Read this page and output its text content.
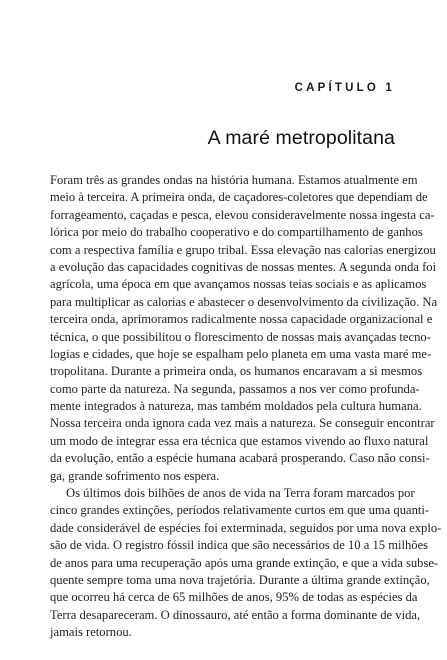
CAPÍTULO 1
A maré metropolitana
Foram três as grandes ondas na história humana. Estamos atualmente em
meio à terceira. A primeira onda, de caçadores-coletores que dependiam de
forrageamento, caçadas e pesca, elevou consideravelmente nossa ingesta ca-
lórica por meio do trabalho cooperativo e do compartilhamento de ganhos
com a respectiva família e grupo tribal. Essa elevação nas calorias energizou
a evolução das capacidades cognitivas de nossas mentes. A segunda onda foi
agrícola, uma época em que avançamos nossas teias sociais e as aplicamos
para multiplicar as calorias e abastecer o desenvolvimento da civilização. Na
terceira onda, aprimoramos radicalmente nossa capacidade organizacional e
técnica, o que possibilitou o florescimento de nossas mais avançadas tecno-
logias e cidades, que hoje se espalham pelo planeta em uma vasta maré me-
tropolitana. Durante a primeira onda, os humanos encaravam a si mesmos
como parte da natureza. Na segunda, passamos a nos ver como profunda-
mente integrados à natureza, mas também moldados pela cultura humana.
Nossa terceira onda ignora cada vez mais a natureza. Se conseguir encontrar
um modo de integrar essa era técnica que estamos vivendo ao fluxo natural
da evolução, então a espécie humana acabará prosperando. Caso não consi-
ga, grande sofrimento nos espera.
Os últimos dois bilhões de anos de vida na Terra foram marcados por
cinco grandes extinções, períodos relativamente curtos em que uma quanti-
dade considerável de espécies foi exterminada, seguidos por uma nova explo-
são de vida. O registro fóssil indica que são necessários de 10 a 15 milhões
de anos para uma recuperação após uma grande extinção, e que a vida subse-
quente sempre toma uma nova trajetória. Durante a última grande extinção,
que ocorreu há cerca de 65 milhões de anos, 95% de todas as espécies da
Terra desapareceram. O dinossauro, até então a forma dominante de vida,
jamais retornou.
